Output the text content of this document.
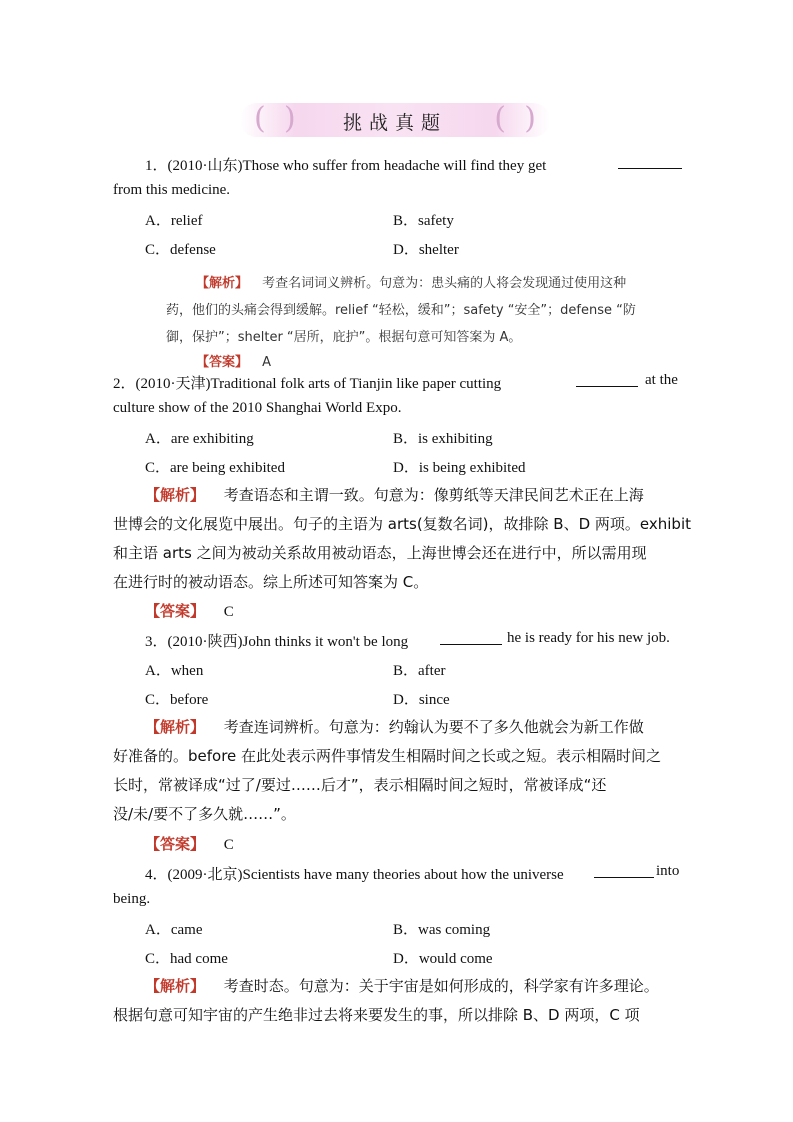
( )	( )
挑战真题
1．(2010·山东)Those who suffer from headache will find they get
from this medicine.
A．relief	B．safety
C．defense	D．shelter
【解析】 考查名词词义辨析。句意为：患头痛的人将会发现通过使用这种
药，他们的头痛会得到缓解。relief “轻松，缓和”；safety “安全”；defense “防
御，保护”；shelter “居所，庇护”。根据句意可知答案为 A。
【答案】 A
2．(2010·天津)Traditional folk arts of Tianjin like paper cutting	at the
culture show of the 2010 Shanghai World Expo.
A．are exhibiting	B．is exhibiting
C．are being exhibited	D．is being exhibited
【解析】 考查语态和主谓一致。句意为：像剪纸等天津民间艺术正在上海
世博会的文化展览中展出。句子的主语为 arts(复数名词)，故排除 B、D 两项。exhibit
和主语 arts 之间为被动关系故用被动语态，上海世博会还在进行中，所以需用现
在进行时的被动语态。综上所述可知答案为 C。
【答案】 C
3．(2010·陕西)John thinks it won't be long	he is ready for his new job.
A．when	B．after
C．before	D．since
【解析】 考查连词辨析。句意为：约翰认为要不了多久他就会为新工作做
好准备的。before 在此处表示两件事情发生相隔时间之长或之短。表示相隔时间之
长时，常被译成“过了/要过……后才”，表示相隔时间之短时，常被译成“还
没/未/要不了多久就……”。
【答案】 C
4．(2009·北京)Scientists have many theories about how the universe	into
being.
A．came	B．was coming
C．had come	D．would come
【解析】 考查时态。句意为：关于宇宙是如何形成的，科学家有许多理论。
根据句意可知宇宙的产生绝非过去将来要发生的事，所以排除 B、D 两项，C 项
